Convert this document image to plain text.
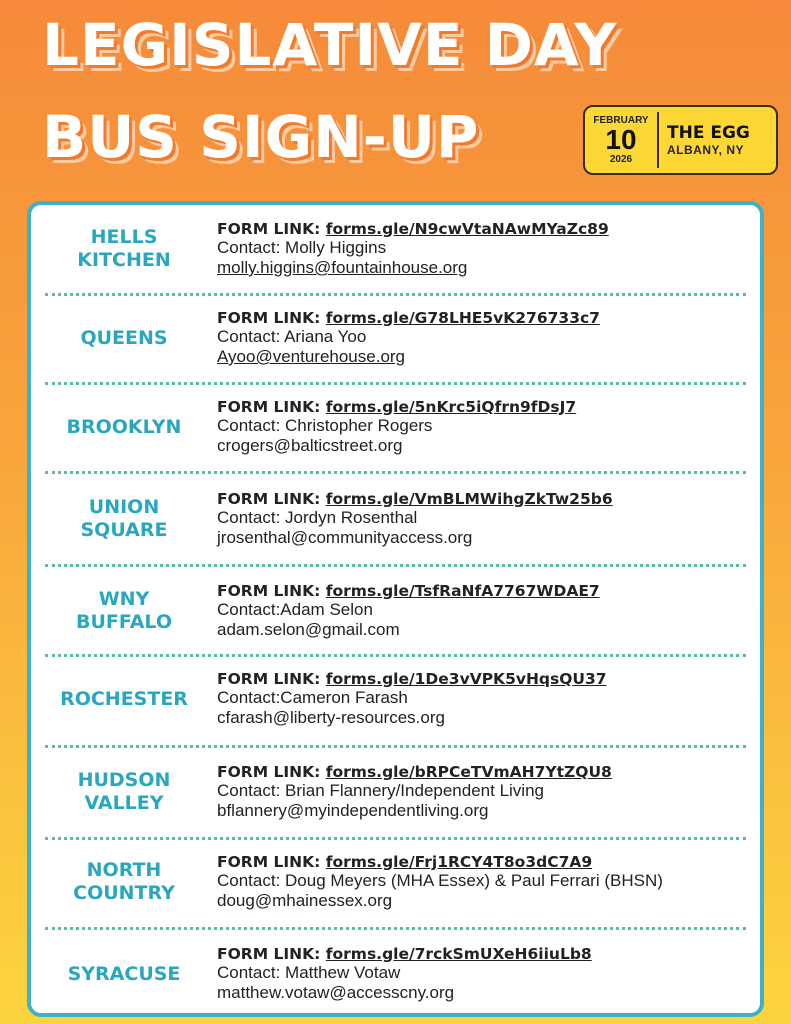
LEGISLATIVE DAY
BUS SIGN-UP	FEBRUARY
10
2026
THE EGG
ALBANY, NY
HELLS
KITCHEN
FORM LINK: forms.gle/N9cwVtaNAwMYaZc89
Contact: Molly Higgins
molly.higgins@fountainhouse.org
QUEENS
FORM LINK: forms.gle/G78LHE5vK276733c7
Contact: Ariana Yoo
Ayoo@venturehouse.org
BROOKLYN
FORM LINK: forms.gle/5nKrc5iQfrn9fDsJ7
Contact: Christopher Rogers
crogers@balticstreet.org
UNION
SQUARE
FORM LINK: forms.gle/VmBLMWihgZkTw25b6
Contact: Jordyn Rosenthal
jrosenthal@communityaccess.org
WNY
BUFFALO
FORM LINK: forms.gle/TsfRaNfA7767WDAE7
Contact:Adam Selon
adam.selon@gmail.com
ROCHESTER
FORM LINK: forms.gle/1De3vVPK5vHqsQU37
Contact:Cameron Farash
cfarash@liberty-resources.org
HUDSON
VALLEY
FORM LINK: forms.gle/bRPCeTVmAH7YtZQU8
Contact: Brian Flannery/Independent Living
bflannery@myindependentliving.org
NORTH
COUNTRY
FORM LINK: forms.gle/Frj1RCY4T8o3dC7A9
Contact: Doug Meyers (MHA Essex) & Paul Ferrari (BHSN)
doug@mhainessex.org
SYRACUSE
FORM LINK: forms.gle/7rckSmUXeH6iiuLb8
Contact: Matthew Votaw
matthew.votaw@accesscny.org
